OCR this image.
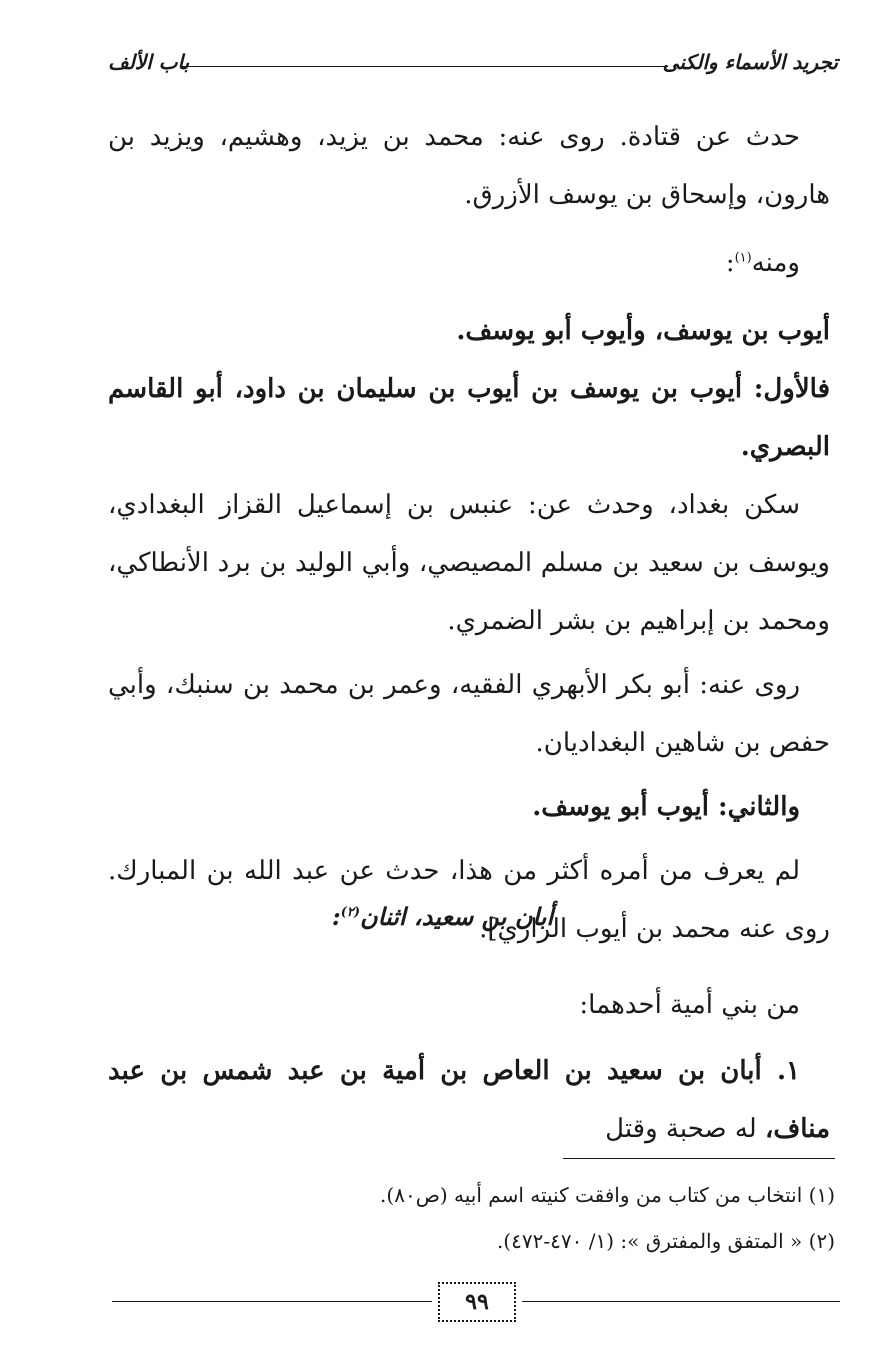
تجريد الأسماء والكنى
باب الألف

حدث عن قتادة. روى عنه: محمد بن يزيد، وهشيم، ويزيد بن هارون، وإسحاق بن يوسف الأزرق.

ومنه$^{(١)}$:

أيوب بن يوسف، وأيوب أبو يوسف.

فالأول: أيوب بن يوسف بن أيوب بن سليمان بن داود، أبو القاسم البصري.

سكن بغداد، وحدث عن: عنبس بن إسماعيل القزاز البغدادي، ويوسف بن سعيد بن مسلم المصيصي، وأبي الوليد بن برد الأنطاكي، ومحمد بن إبراهيم بن بشر الضمري.

روى عنه: أبو بكر الأبهري الفقيه، وعمر بن محمد بن سنبك، وأبي حفص بن شاهين البغداديان.

والثاني: أيوب أبو يوسف.

لم يعرف من أمره أكثر من هذا، حدث عن عبد الله بن المبارك. روى عنه محمد بن أيوب الرازي].

أبان بن سعيد، اثنان$^{(٢)}$:

من بني أمية أحدهما:

١. أبان بن سعيد بن العاص بن أمية بن عبد شمس بن عبد مناف، له صحبة وقتل

(١) انتخاب من كتاب من وافقت كنيته اسم أبيه (ص٨٠).

(٢) « المتفق والمفترق »: (١/ ٤٧٠-٤٧٢).

٩٩
